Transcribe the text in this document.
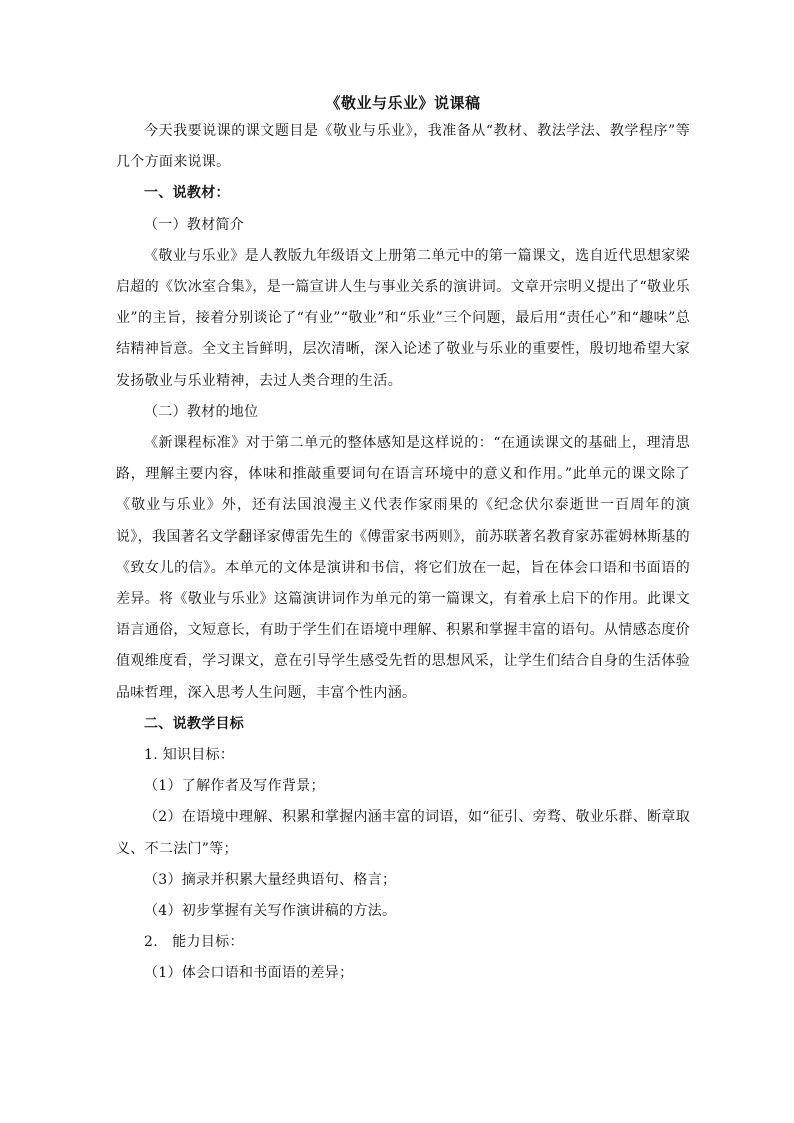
《敬业与乐业》说课稿

今天我要说课的课文题目是《敬业与乐业》，我准备从“教材、教法学法、教学程序”等几个方面来说课。

一、说教材：

（一）教材简介

《敬业与乐业》是人教版九年级语文上册第二单元中的第一篇课文，选自近代思想家梁启超的《饮冰室合集》，是一篇宣讲人生与事业关系的演讲词。文章开宗明义提出了“敬业乐业”的主旨，接着分别谈论了“有业”“敬业”和“乐业”三个问题，最后用“责任心”和“趣味”总结精神旨意。全文主旨鲜明，层次清晰，深入论述了敬业与乐业的重要性，殷切地希望大家发扬敬业与乐业精神，去过人类合理的生活。

（二）教材的地位

《新课程标准》对于第二单元的整体感知是这样说的：“在通读课文的基础上，理清思路，理解主要内容，体味和推敲重要词句在语言环境中的意义和作用。”此单元的课文除了《敬业与乐业》外，还有法国浪漫主义代表作家雨果的《纪念伏尔泰逝世一百周年的演说》，我国著名文学翻译家傅雷先生的《傅雷家书两则》，前苏联著名教育家苏霍姆林斯基的《致女儿的信》。本单元的文体是演讲和书信，将它们放在一起，旨在体会口语和书面语的差异。将《敬业与乐业》这篇演讲词作为单元的第一篇课文，有着承上启下的作用。此课文语言通俗，文短意长，有助于学生们在语境中理解、积累和掌握丰富的语句。从情感态度价值观维度看，学习课文，意在引导学生感受先哲的思想风采，让学生们结合自身的生活体验品味哲理，深入思考人生问题，丰富个性内涵。

二、说教学目标

1. 知识目标：

（1）了解作者及写作背景；

（2）在语境中理解、积累和掌握内涵丰富的词语，如“征引、旁骛、敬业乐群、断章取义、不二法门”等；

（3）摘录并积累大量经典语句、格言；

（4）初步掌握有关写作演讲稿的方法。

2.　能力目标：

（1）体会口语和书面语的差异；
